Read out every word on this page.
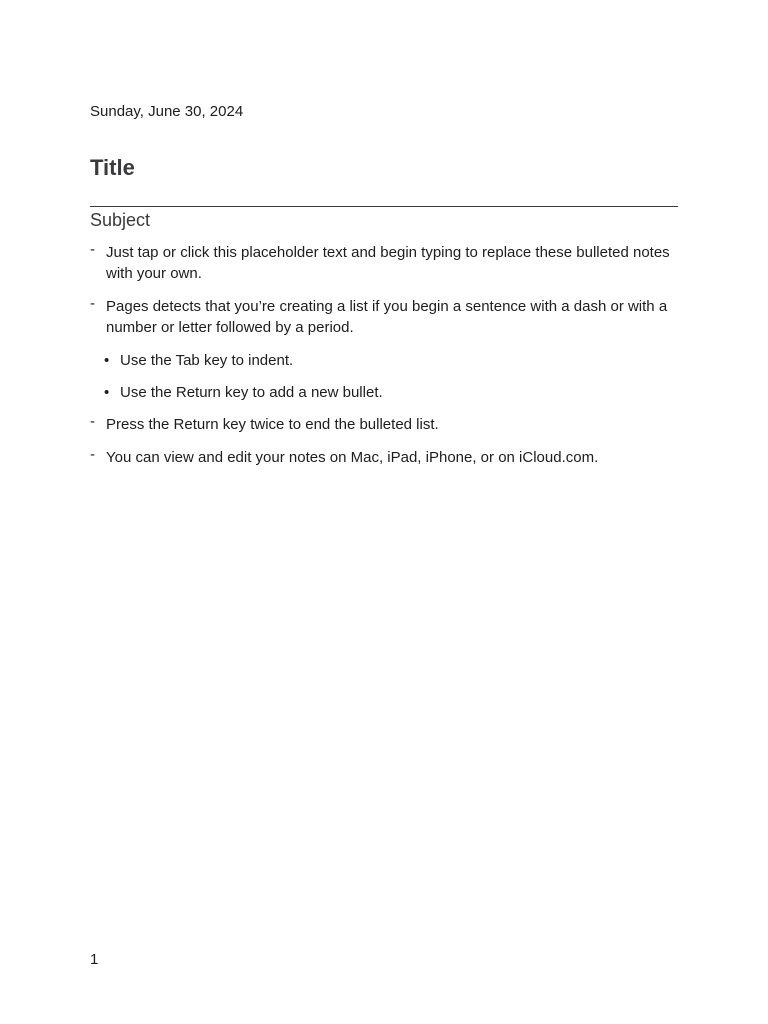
Sunday, June 30, 2024
Title
Subject
- Just tap or click this placeholder text and begin typing to replace these bulleted notes with your own.
- Pages detects that you’re creating a list if you begin a sentence with a dash or with a number or letter followed by a period.
• Use the Tab key to indent.
• Use the Return key to add a new bullet.
- Press the Return key twice to end the bulleted list.
- You can view and edit your notes on Mac, iPad, iPhone, or on iCloud.com.
1
